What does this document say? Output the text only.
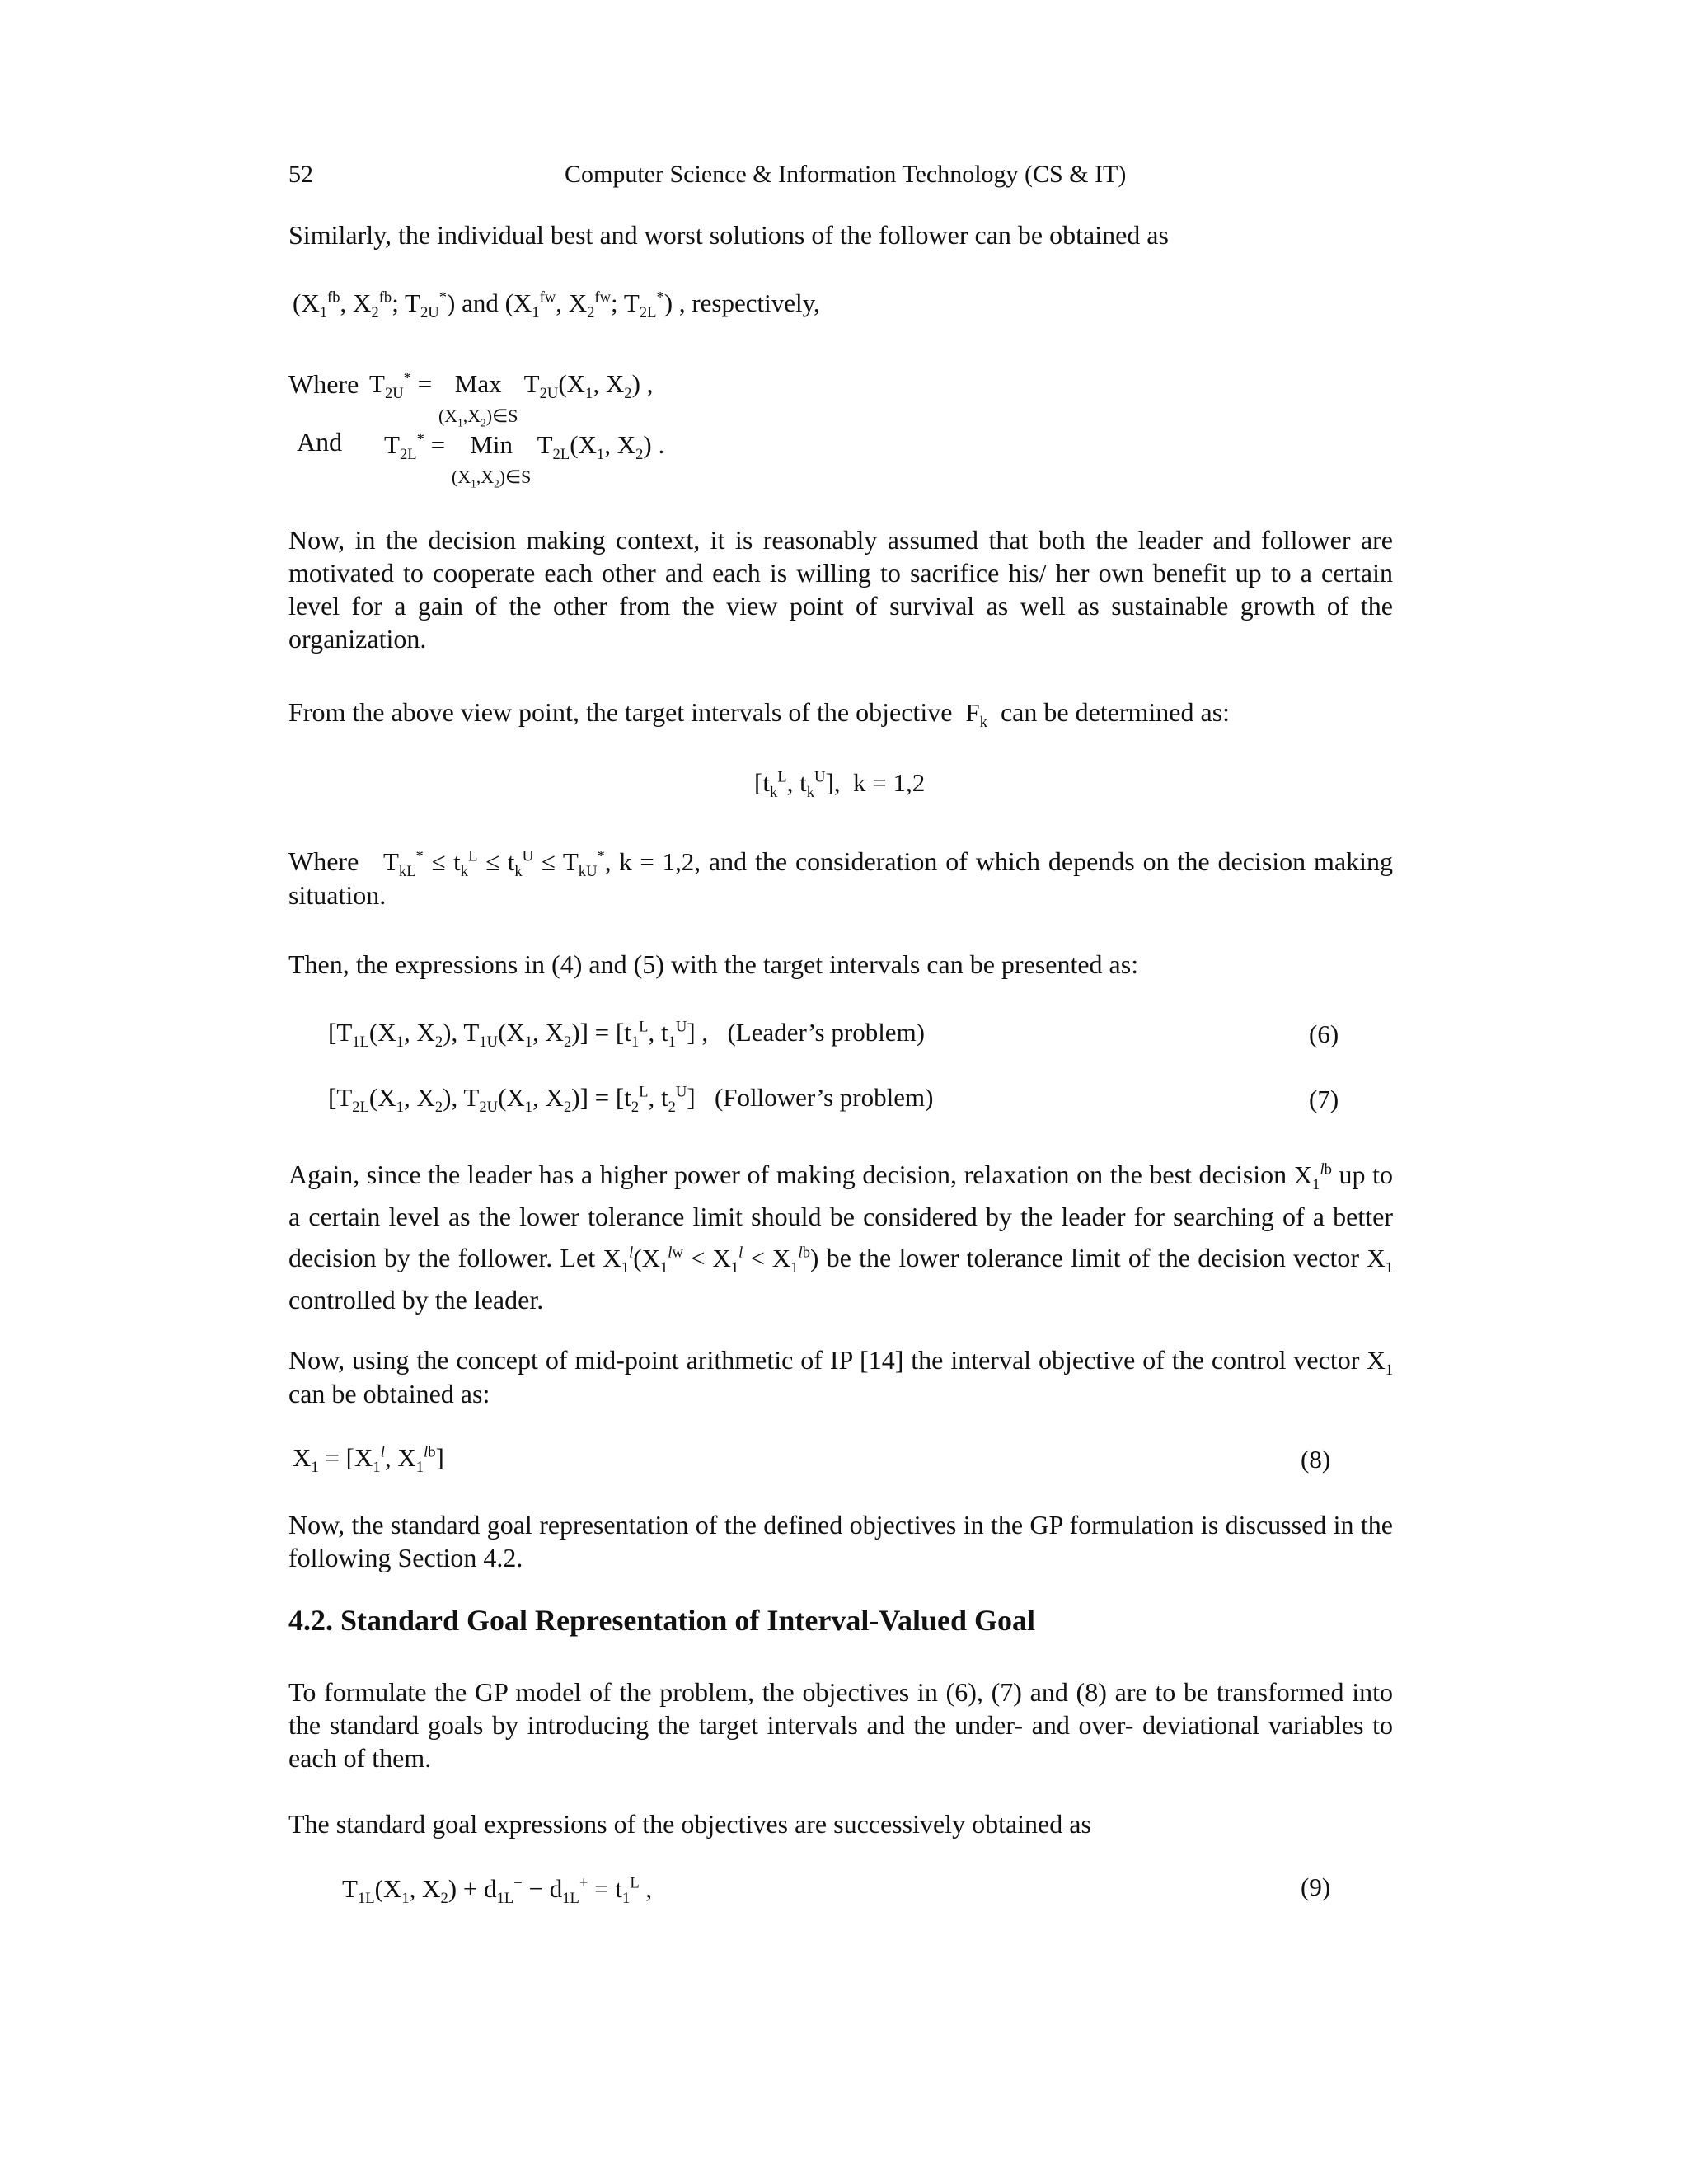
52	Computer Science & Information Technology (CS & IT)
Similarly, the individual best and worst solutions of the follower can be obtained as
($X_1^{fb}$, $X_2^{fb}$; $T_{2U}^*$) and ($X_1^{fw}$, $X_2^{fw}$; $T_{2L}^*$) , respectively,
Where $T_{2U}^*$ = Max
$(X_1,X_2)\in S$ $T_{2U}(X_1$, $X_2$) ,
And $T_{2L}^*$ = Min
$(X_1,X_2)\in S$ $T_{2L}(X_1$, $X_2$) .
Now, in the decision making context, it is reasonably assumed that both the leader and follower are motivated to cooperate each other and each is willing to sacrifice his/ her own benefit up to a certain level for a gain of the other from the view point of survival as well as sustainable growth of the organization.
From the above view point, the target intervals of the objective $F_k$ can be determined as:
[$t_k^L$, $t_k^U$],  k = 1,2
Where $T_{kL}^* \le t_k^L \le t_k^U \le T_{kU}^*$, k = 1,2, and the consideration of which depends on the decision making situation.
Then, the expressions in (4) and (5) with the target intervals can be presented as:
[$T_{1L}(X_1$, $X_2$), $T_{1U}(X_1$, $X_2)] = [t_1^L$, $t_1^U$] ,   (Leader’s problem)	(6)
[$T_{2L}(X_1$, $X_2$), $T_{2U}(X_1$, $X_2)] = [t_2^L$, $t_2^U$]   (Follower’s problem)	(7)
Again, since the leader has a higher power of making decision, relaxation on the best decision $X_1^{lb}$ up to a certain level as the lower tolerance limit should be considered by the leader for searching of a better decision by the follower. Let $X_1^l(X_1^{lw} < X_1^l < X_1^{lb})$ be the lower tolerance limit of the decision vector $X_1$ controlled by the leader.
Now, using the concept of mid-point arithmetic of IP [14] the interval objective of the control vector $X_1$ can be obtained as:
$X_1 = [X_1^l$, $X_1^{lb}$]	(8)
Now, the standard goal representation of the defined objectives in the GP formulation is discussed in the following Section 4.2.
4.2. Standard Goal Representation of Interval-Valued Goal
To formulate the GP model of the problem, the objectives in (6), (7) and (8) are to be transformed into the standard goals by introducing the target intervals and the under- and over- deviational variables to each of them.
The standard goal expressions of the objectives are successively obtained as
$T_{1L}(X_1$, $X_2) + d_{1L}^- - d_{1L}^+ = t_1^L$ ,	(9)
